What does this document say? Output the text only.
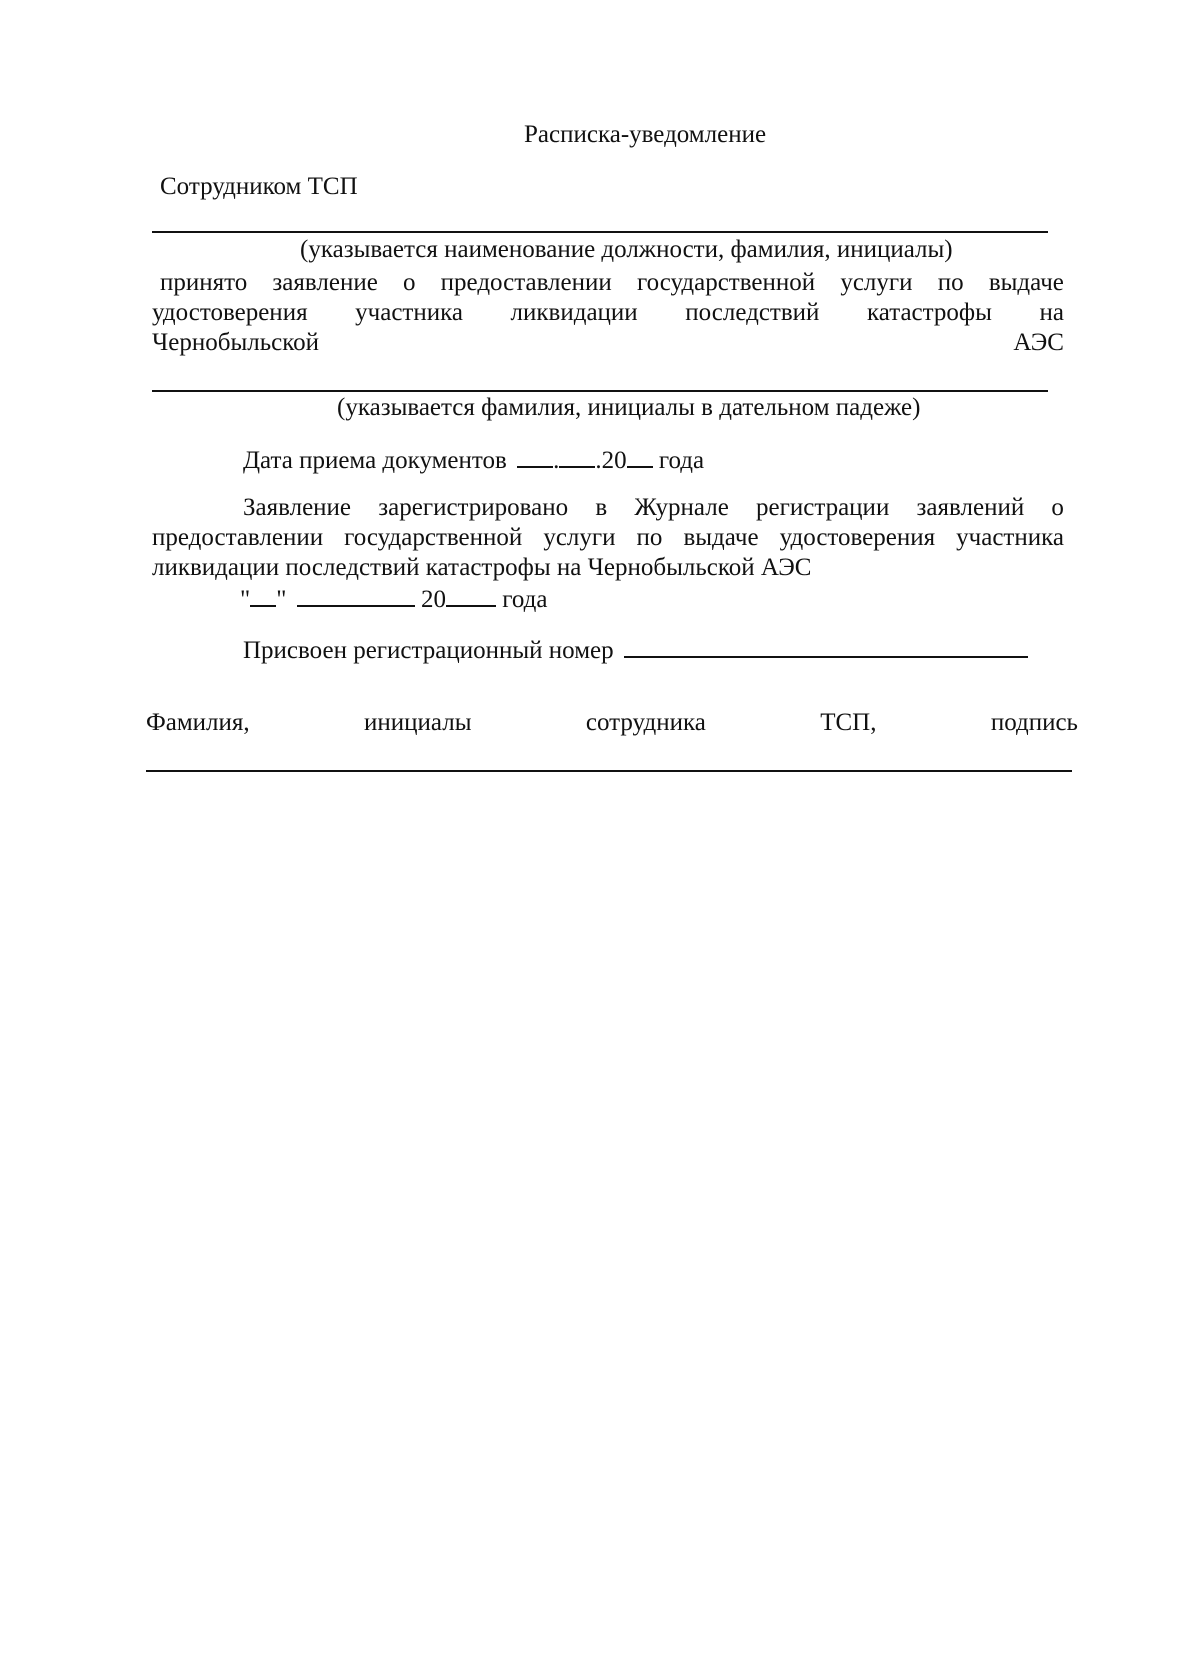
Расписка-уведомление
Сотрудником ТСП
(указывается наименование должности, фамилия, инициалы)
принято заявление о предоставлении государственной услуги по выдаче
удостоверения участника ликвидации последствий катастрофы на
Чернобыльской	АЭС
(указывается фамилия, инициалы в дательном падеже)
Дата приема документов . .20 года
Заявление зарегистрировано в Журнале регистрации заявлений о
предоставлении государственной услуги по выдаче удостоверения участника
ликвидации последствий катастрофы на Чернобыльской АЭС
" "	20 года
Присвоен регистрационный номер
Фамилия,	инициалы	сотрудника	ТСП,	подпись
